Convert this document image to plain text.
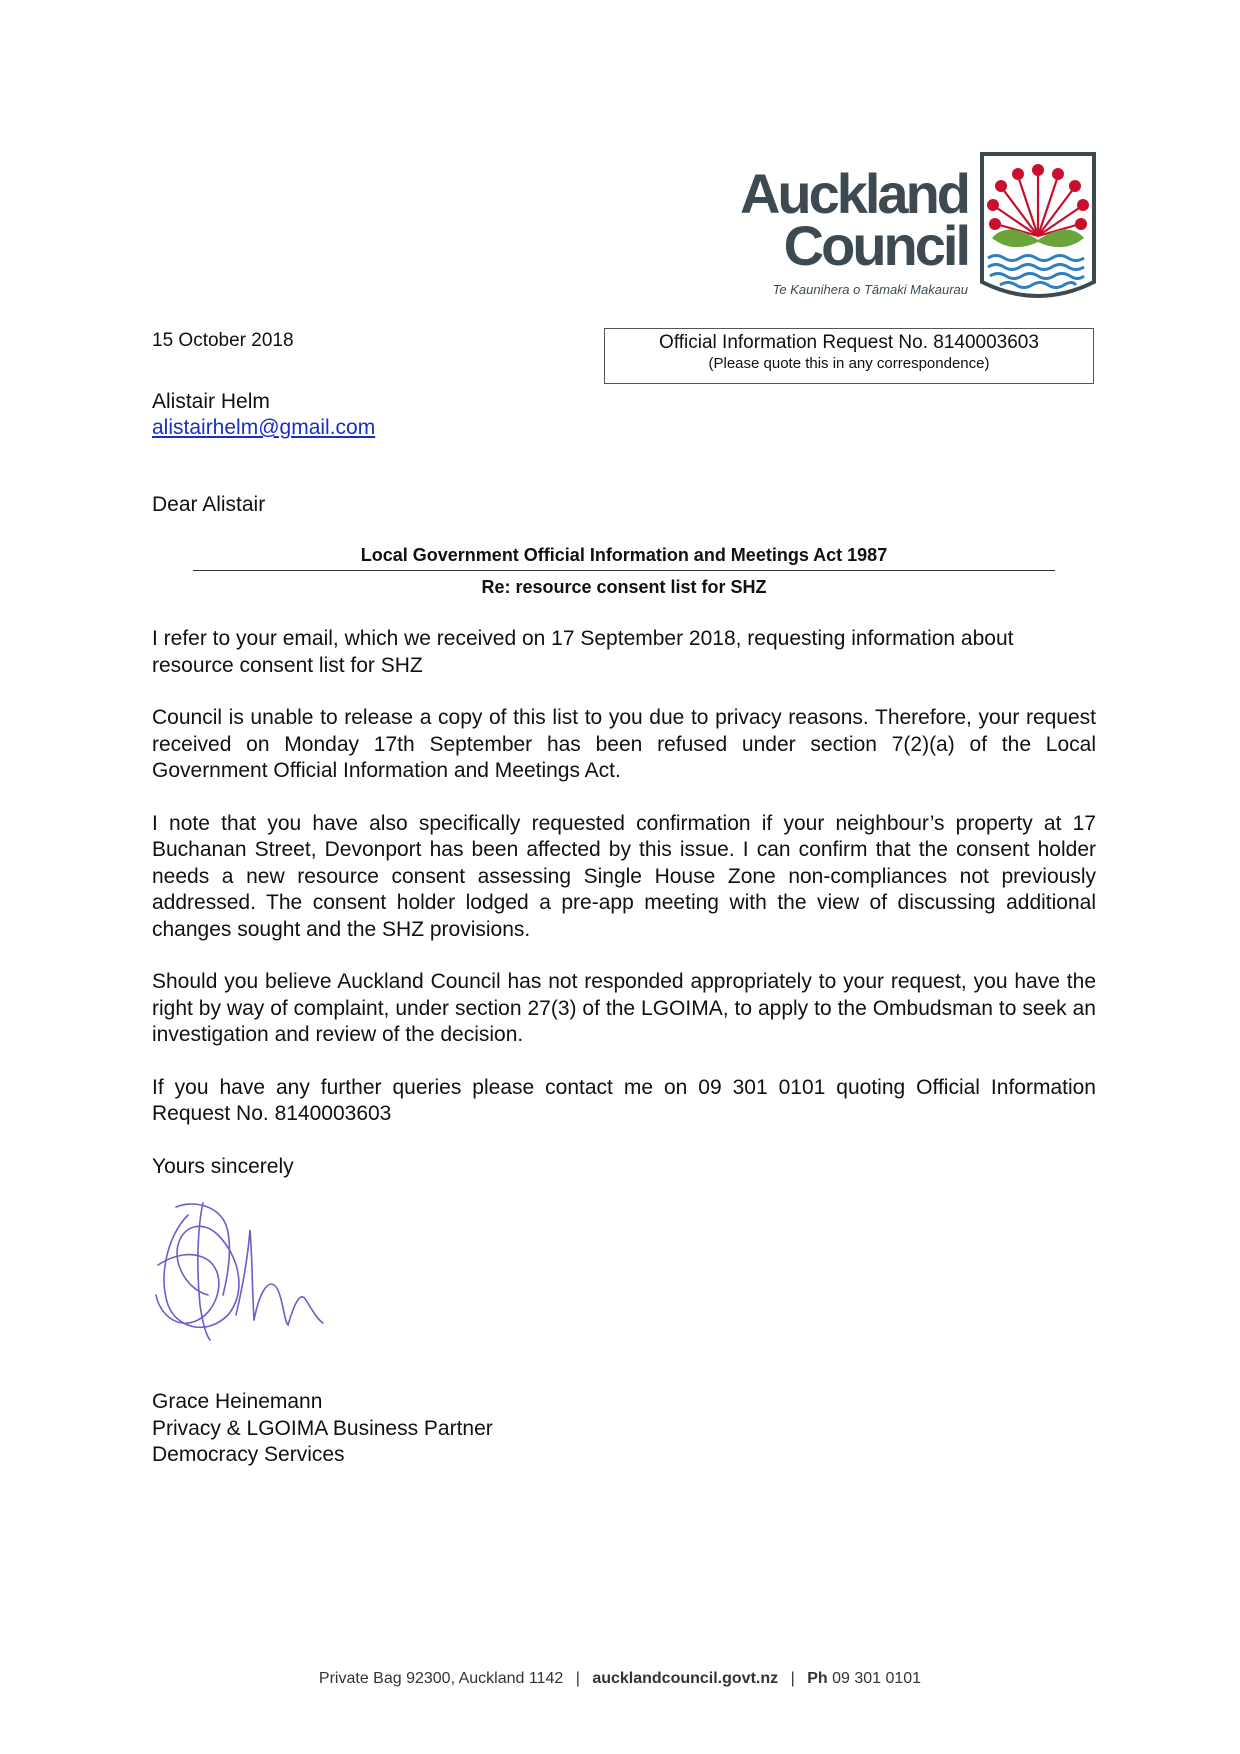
Auckland
Council
Te Kaunihera o Tāmaki Makaurau
15 October 2018	Official Information Request No. 8140003603
(Please quote this in any correspondence)
Alistair Helm
alistairhelm@gmail.com
Dear Alistair
Local Government Official Information and Meetings Act 1987
Re: resource consent list for SHZ

I refer to your email, which we received on 17 September 2018, requesting information about resource consent list for SHZ

Council is unable to release a copy of this list to you due to privacy reasons. Therefore, your request received on Monday 17th September has been refused under section 7(2)(a) of the Local Government Official Information and Meetings Act.

I note that you have also specifically requested confirmation if your neighbour’s property at 17 Buchanan Street, Devonport has been affected by this issue. I can confirm that the consent holder needs a new resource consent assessing Single House Zone non-compliances not previously addressed. The consent holder lodged a pre-app meeting with the view of discussing additional changes sought and the SHZ provisions.

Should you believe Auckland Council has not responded appropriately to your request, you have the right by way of complaint, under section 27(3) of the LGOIMA, to apply to the Ombudsman to seek an investigation and review of the decision.

If you have any further queries please contact me on 09 301 0101 quoting Official Information Request No. 8140003603

Yours sincerely

Grace Heinemann
Privacy & LGOIMA Business Partner
Democracy Services
Private Bag 92300, Auckland 1142 | aucklandcouncil.govt.nz | Ph 09 301 0101
